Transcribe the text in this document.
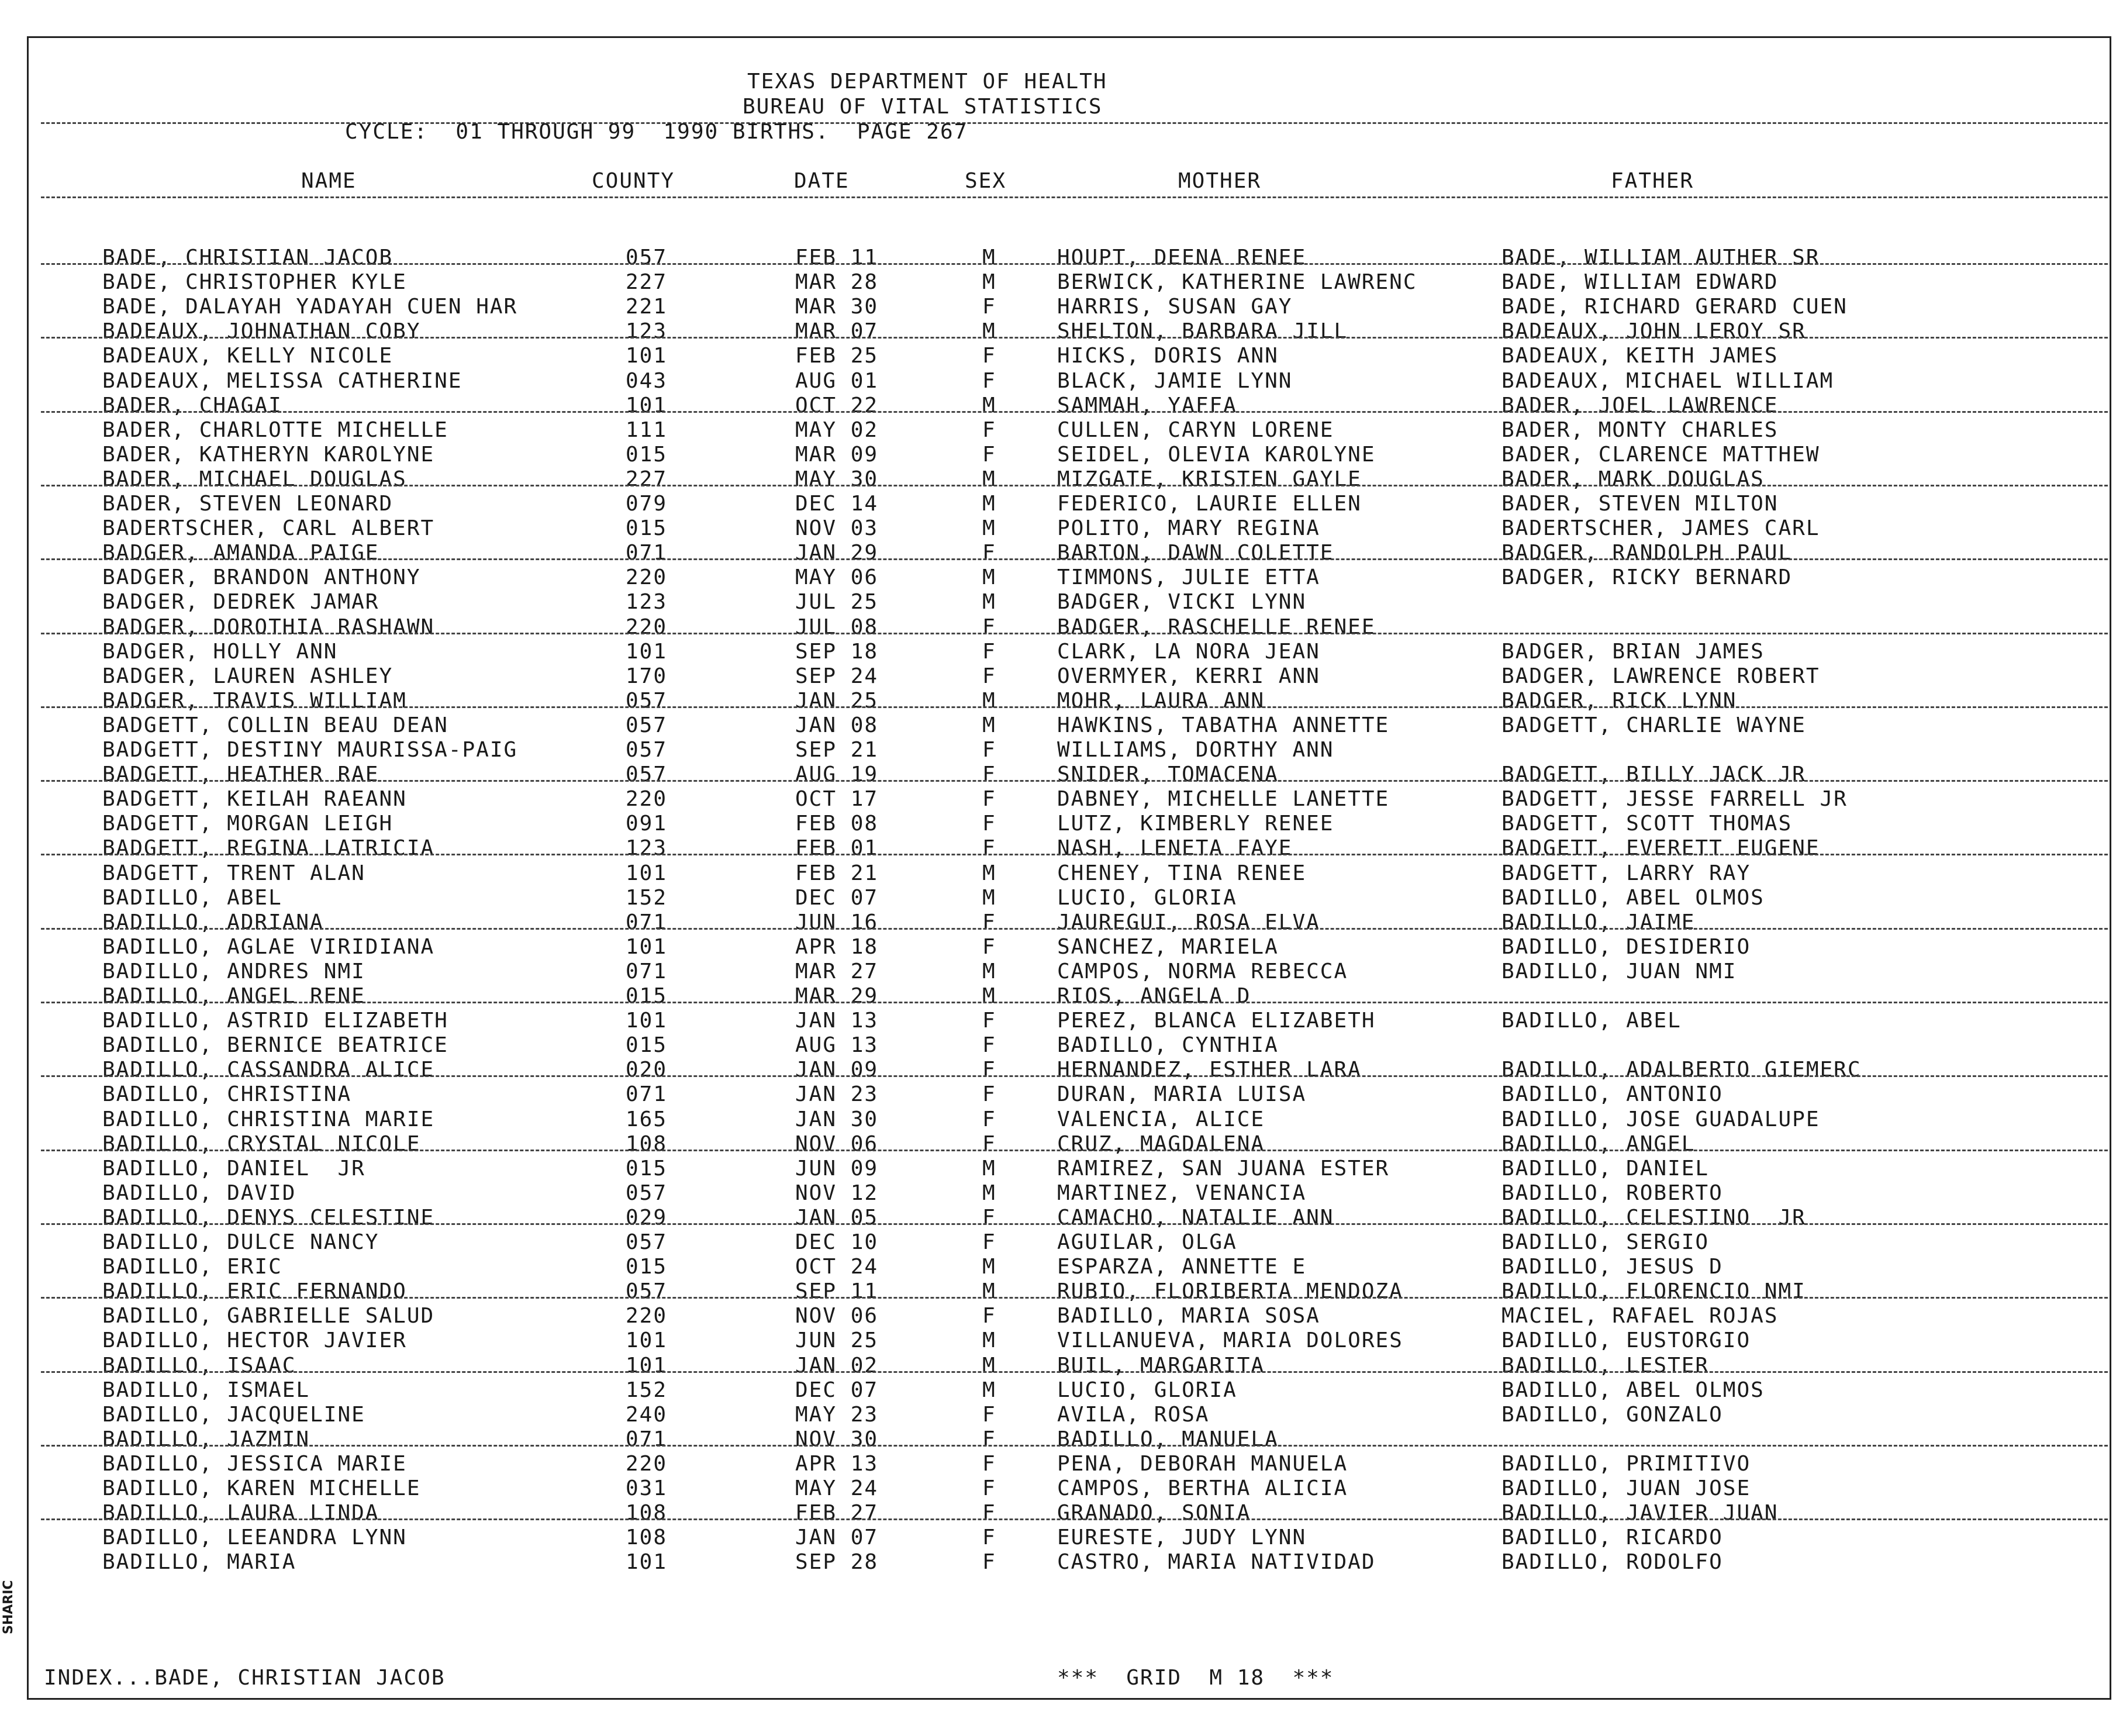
TEXAS DEPARTMENT OF HEALTH
BUREAU OF VITAL STATISTICS
CYCLE:  01 THROUGH 99  1990 BIRTHS.  PAGE 267
NAME	COUNTY	DATE	SEX	MOTHER	FATHER
BADE, CHRISTIAN JACOB	057	FEB 11	M	HOUPT, DEENA RENEE	BADE, WILLIAM AUTHER SR
BADE, CHRISTOPHER KYLE	227	MAR 28	M	BERWICK, KATHERINE LAWRENC	BADE, WILLIAM EDWARD
BADE, DALAYAH YADAYAH CUEN HAR	221	MAR 30	F	HARRIS, SUSAN GAY	BADE, RICHARD GERARD CUEN
BADEAUX, JOHNATHAN COBY	123	MAR 07	M	SHELTON, BARBARA JILL	BADEAUX, JOHN LEROY SR
BADEAUX, KELLY NICOLE	101	FEB 25	F	HICKS, DORIS ANN	BADEAUX, KEITH JAMES
BADEAUX, MELISSA CATHERINE	043	AUG 01	F	BLACK, JAMIE LYNN	BADEAUX, MICHAEL WILLIAM
BADER, CHAGAI	101	OCT 22	M	SAMMAH, YAFFA	BADER, JOEL LAWRENCE
BADER, CHARLOTTE MICHELLE	111	MAY 02	F	CULLEN, CARYN LORENE	BADER, MONTY CHARLES
BADER, KATHERYN KAROLYNE	015	MAR 09	F	SEIDEL, OLEVIA KAROLYNE	BADER, CLARENCE MATTHEW
BADER, MICHAEL DOUGLAS	227	MAY 30	M	MIZGATE, KRISTEN GAYLE	BADER, MARK DOUGLAS
BADER, STEVEN LEONARD	079	DEC 14	M	FEDERICO, LAURIE ELLEN	BADER, STEVEN MILTON
BADERTSCHER, CARL ALBERT	015	NOV 03	M	POLITO, MARY REGINA	BADERTSCHER, JAMES CARL
BADGER, AMANDA PAIGE	071	JAN 29	F	BARTON, DAWN COLETTE	BADGER, RANDOLPH PAUL
BADGER, BRANDON ANTHONY	220	MAY 06	M	TIMMONS, JULIE ETTA	BADGER, RICKY BERNARD
BADGER, DEDREK JAMAR	123	JUL 25	M	BADGER, VICKI LYNN
BADGER, DOROTHIA RASHAWN	220	JUL 08	F	BADGER, RASCHELLE RENEE
BADGER, HOLLY ANN	101	SEP 18	F	CLARK, LA NORA JEAN	BADGER, BRIAN JAMES
BADGER, LAUREN ASHLEY	170	SEP 24	F	OVERMYER, KERRI ANN	BADGER, LAWRENCE ROBERT
BADGER, TRAVIS WILLIAM	057	JAN 25	M	MOHR, LAURA ANN	BADGER, RICK LYNN
BADGETT, COLLIN BEAU DEAN	057	JAN 08	M	HAWKINS, TABATHA ANNETTE	BADGETT, CHARLIE WAYNE
BADGETT, DESTINY MAURISSA-PAIG	057	SEP 21	F	WILLIAMS, DORTHY ANN
BADGETT, HEATHER RAE	057	AUG 19	F	SNIDER, TOMACENA	BADGETT, BILLY JACK JR
BADGETT, KEILAH RAEANN	220	OCT 17	F	DABNEY, MICHELLE LANETTE	BADGETT, JESSE FARRELL JR
BADGETT, MORGAN LEIGH	091	FEB 08	F	LUTZ, KIMBERLY RENEE	BADGETT, SCOTT THOMAS
BADGETT, REGINA LATRICIA	123	FEB 01	F	NASH, LENETA FAYE	BADGETT, EVERETT EUGENE
BADGETT, TRENT ALAN	101	FEB 21	M	CHENEY, TINA RENEE	BADGETT, LARRY RAY
BADILLO, ABEL	152	DEC 07	M	LUCIO, GLORIA	BADILLO, ABEL OLMOS
BADILLO, ADRIANA	071	JUN 16	F	JAUREGUI, ROSA ELVA	BADILLO, JAIME
BADILLO, AGLAE VIRIDIANA	101	APR 18	F	SANCHEZ, MARIELA	BADILLO, DESIDERIO
BADILLO, ANDRES NMI	071	MAR 27	M	CAMPOS, NORMA REBECCA	BADILLO, JUAN NMI
BADILLO, ANGEL RENE	015	MAR 29	M	RIOS, ANGELA D
BADILLO, ASTRID ELIZABETH	101	JAN 13	F	PEREZ, BLANCA ELIZABETH	BADILLO, ABEL
BADILLO, BERNICE BEATRICE	015	AUG 13	F	BADILLO, CYNTHIA
BADILLO, CASSANDRA ALICE	020	JAN 09	F	HERNANDEZ, ESTHER LARA	BADILLO, ADALBERTO GIEMERC
BADILLO, CHRISTINA	071	JAN 23	F	DURAN, MARIA LUISA	BADILLO, ANTONIO
BADILLO, CHRISTINA MARIE	165	JAN 30	F	VALENCIA, ALICE	BADILLO, JOSE GUADALUPE
BADILLO, CRYSTAL NICOLE	108	NOV 06	F	CRUZ, MAGDALENA	BADILLO, ANGEL
BADILLO, DANIEL  JR	015	JUN 09	M	RAMIREZ, SAN JUANA ESTER	BADILLO, DANIEL
BADILLO, DAVID	057	NOV 12	M	MARTINEZ, VENANCIA	BADILLO, ROBERTO
BADILLO, DENYS CELESTINE	029	JAN 05	F	CAMACHO, NATALIE ANN	BADILLO, CELESTINO  JR
BADILLO, DULCE NANCY	057	DEC 10	F	AGUILAR, OLGA	BADILLO, SERGIO
BADILLO, ERIC	015	OCT 24	M	ESPARZA, ANNETTE E	BADILLO, JESUS D
BADILLO, ERIC FERNANDO	057	SEP 11	M	RUBIO, FLORIBERTA MENDOZA	BADILLO, FLORENCIO NMI
BADILLO, GABRIELLE SALUD	220	NOV 06	F	BADILLO, MARIA SOSA	MACIEL, RAFAEL ROJAS
BADILLO, HECTOR JAVIER	101	JUN 25	M	VILLANUEVA, MARIA DOLORES	BADILLO, EUSTORGIO
BADILLO, ISAAC	101	JAN 02	M	BUIL, MARGARITA	BADILLO, LESTER
BADILLO, ISMAEL	152	DEC 07	M	LUCIO, GLORIA	BADILLO, ABEL OLMOS
BADILLO, JACQUELINE	240	MAY 23	F	AVILA, ROSA	BADILLO, GONZALO
BADILLO, JAZMIN	071	NOV 30	F	BADILLO, MANUELA
BADILLO, JESSICA MARIE	220	APR 13	F	PENA, DEBORAH MANUELA	BADILLO, PRIMITIVO
BADILLO, KAREN MICHELLE	031	MAY 24	F	CAMPOS, BERTHA ALICIA	BADILLO, JUAN JOSE
BADILLO, LAURA LINDA	108	FEB 27	F	GRANADO, SONIA	BADILLO, JAVIER JUAN
BADILLO, LEEANDRA LYNN	108	JAN 07	F	EURESTE, JUDY LYNN	BADILLO, RICARDO
BADILLO, MARIA	101	SEP 28	F	CASTRO, MARIA NATIVIDAD	BADILLO, RODOLFO
INDEX...BADE, CHRISTIAN JACOB	***  GRID  M 18  ***
SHARIC
